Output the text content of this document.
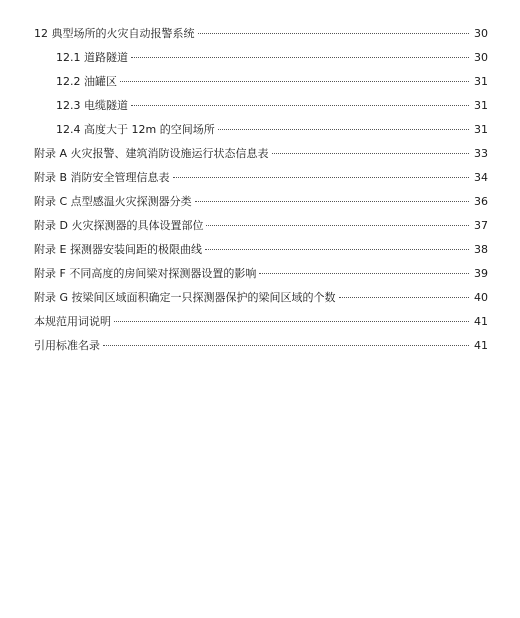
12 典型场所的火灾自动报警系统	30
12.1 道路隧道	30
12.2 油罐区	31
12.3 电缆隧道	31
12.4 高度大于 12m 的空间场所	31
附录 A 火灾报警、建筑消防设施运行状态信息表	33
附录 B 消防安全管理信息表	34
附录 C 点型感温火灾探测器分类	36
附录 D 火灾探测器的具体设置部位	37
附录 E 探测器安装间距的极限曲线	38
附录 F 不同高度的房间梁对探测器设置的影响	39
附录 G 按梁间区域面积确定一只探测器保护的梁间区域的个数	40
本规范用词说明	41
引用标准名录	41
